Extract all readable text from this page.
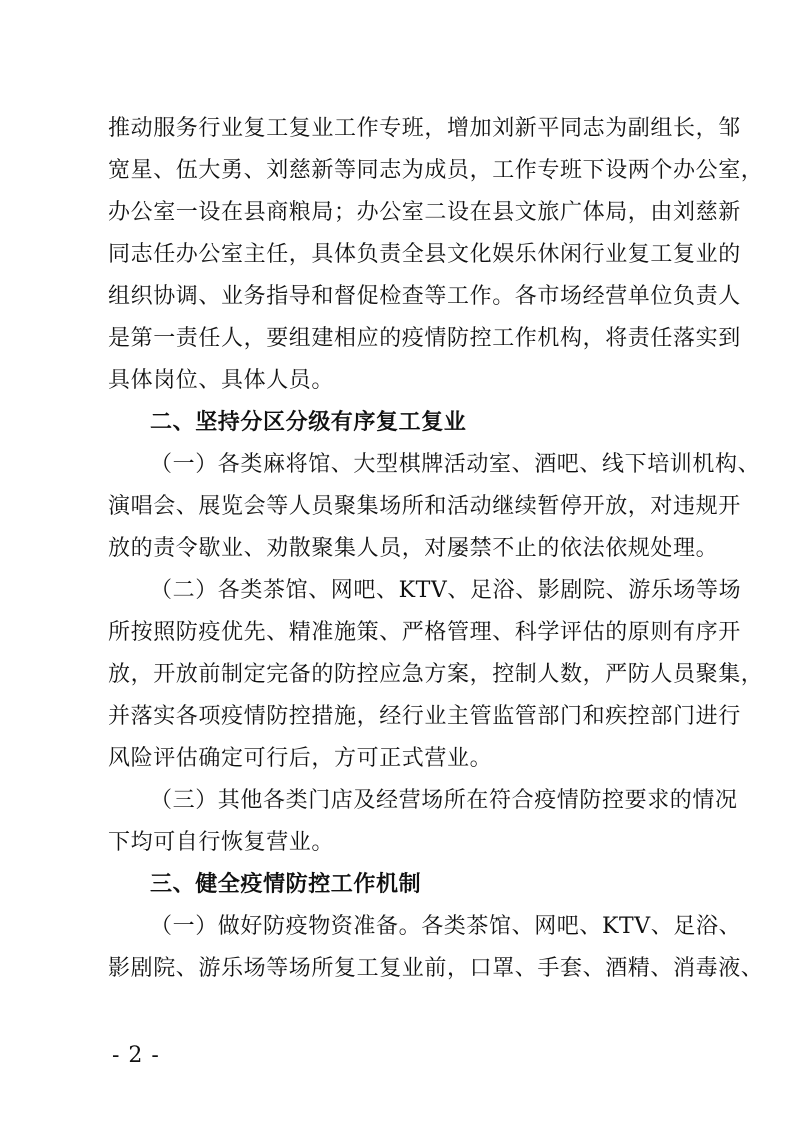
推动服务行业复工复业工作专班，增加刘新平同志为副组长，邹
宽星、伍大勇、刘慈新等同志为成员，工作专班下设两个办公室，
办公室一设在县商粮局；办公室二设在县文旅广体局，由刘慈新
同志任办公室主任，具体负责全县文化娱乐休闲行业复工复业的
组织协调、业务指导和督促检查等工作。各市场经营单位负责人
是第一责任人，要组建相应的疫情防控工作机构，将责任落实到
具体岗位、具体人员。
二、坚持分区分级有序复工复业
（一）各类麻将馆、大型棋牌活动室、酒吧、线下培训机构、
演唱会、展览会等人员聚集场所和活动继续暂停开放，对违规开
放的责令歇业、劝散聚集人员，对屡禁不止的依法依规处理。
（二）各类茶馆、网吧、KTV、足浴、影剧院、游乐场等场
所按照防疫优先、精准施策、严格管理、科学评估的原则有序开
放，开放前制定完备的防控应急方案，控制人数，严防人员聚集，
并落实各项疫情防控措施，经行业主管监管部门和疾控部门进行
风险评估确定可行后，方可正式营业。
（三）其他各类门店及经营场所在符合疫情防控要求的情况
下均可自行恢复营业。
三、健全疫情防控工作机制
（一）做好防疫物资准备。各类茶馆、网吧、KTV、足浴、
影剧院、游乐场等场所复工复业前，口罩、手套、酒精、消毒液、
- 2 -
